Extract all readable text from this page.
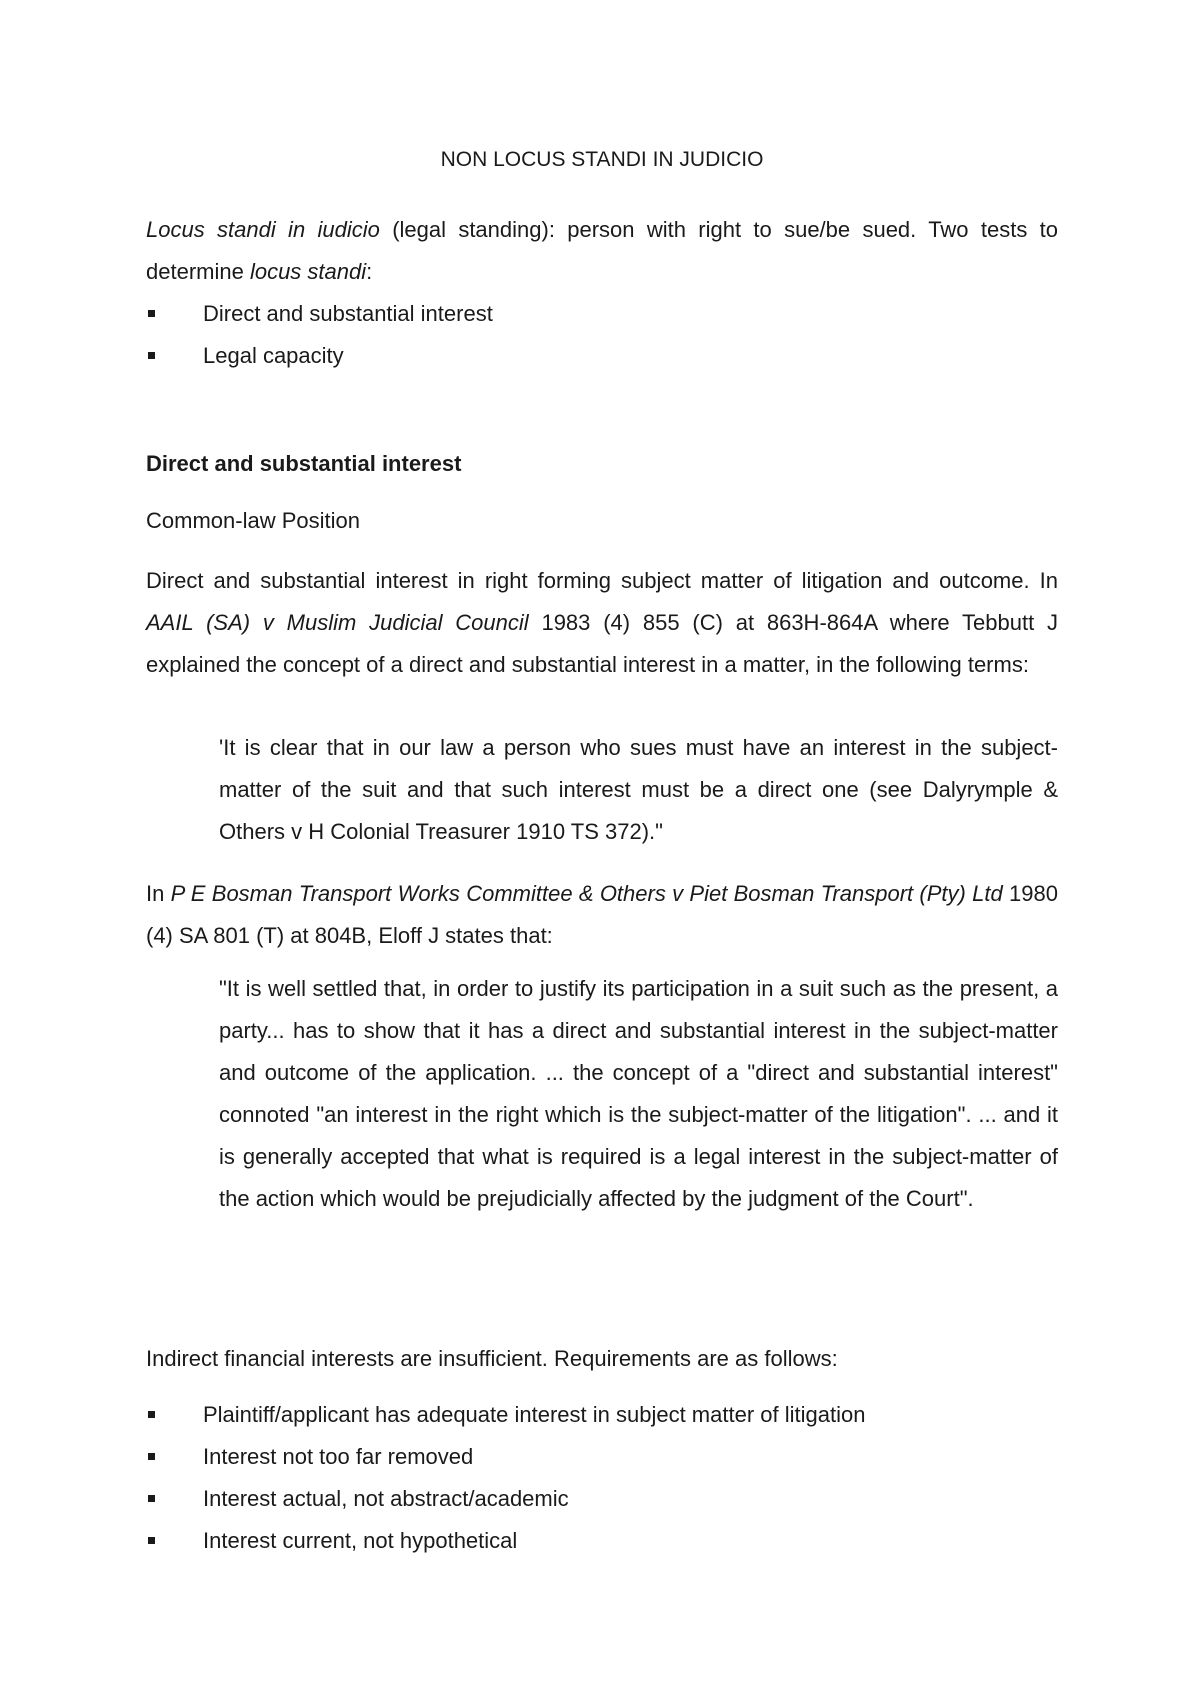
NON LOCUS STANDI IN JUDICIO

Locus standi in iudicio (legal standing): person with right to sue/be sued. Two tests to determine locus standi:

Direct and substantial interest
Legal capacity
Direct and substantial interest

Common-law Position

Direct and substantial interest in right forming subject matter of litigation and outcome. In AAIL (SA) v Muslim Judicial Council 1983 (4) 855 (C) at 863H-864A where Tebbutt J explained the concept of a direct and substantial interest in a matter, in the following terms:

'It is clear that in our law a person who sues must have an interest in the subject-matter of the suit and that such interest must be a direct one (see Dalyrymple & Others v H Colonial Treasurer 1910 TS 372)."

In P E Bosman Transport Works Committee & Others v Piet Bosman Transport (Pty) Ltd 1980 (4) SA 801 (T) at 804B, Eloff J states that:

"It is well settled that, in order to justify its participation in a suit such as the present, a party... has to show that it has a direct and substantial interest in the subject-matter and outcome of the application. ... the concept of a "direct and substantial interest" connoted "an interest in the right which is the subject-matter of the litigation". ... and it is generally accepted that what is required is a legal interest in the subject-matter of the action which would be prejudicially affected by the judgment of the Court".

Indirect financial interests are insufficient. Requirements are as follows:

Plaintiff/applicant has adequate interest in subject matter of litigation
Interest not too far removed
Interest actual, not abstract/academic
Interest current, not hypothetical
